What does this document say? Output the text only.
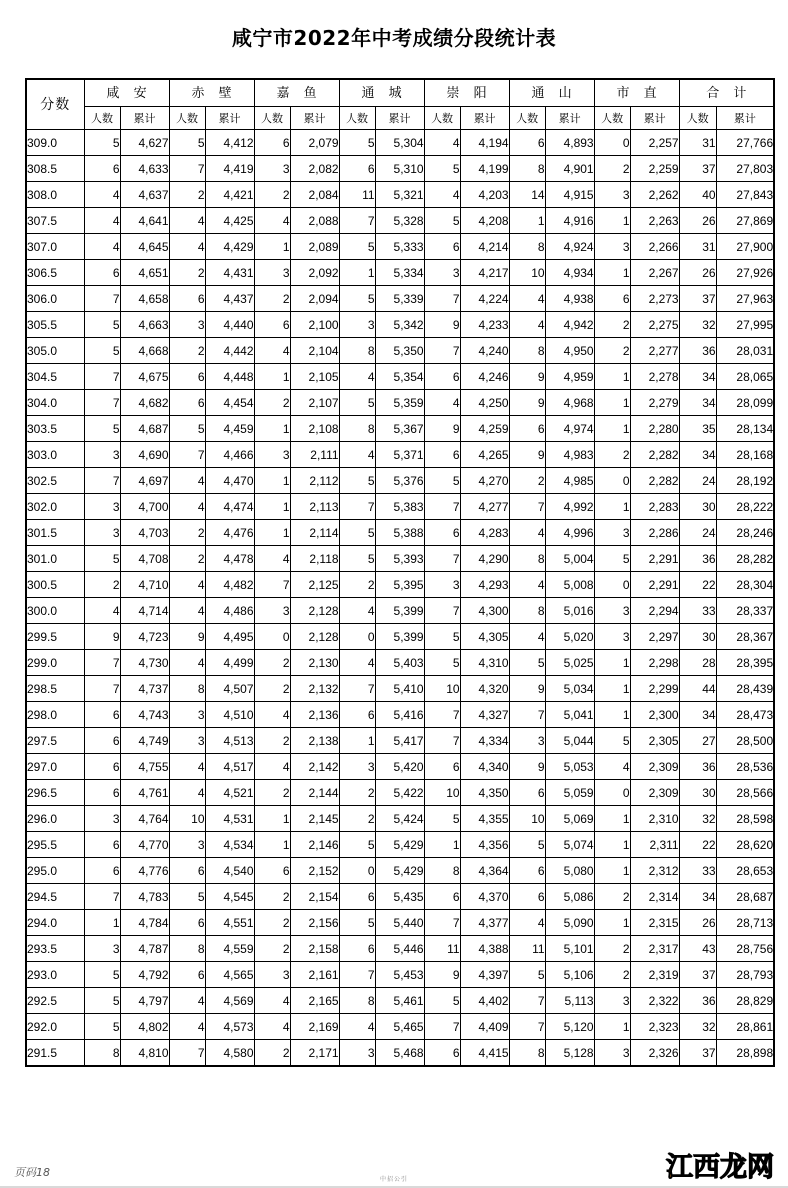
咸宁市2022年中考成绩分段统计表
分数	咸 安		赤 壁		嘉 鱼		通 城		崇 阳		通 山		市 直		合 计	
	人数	累计	人数	累计	人数	累计	人数	累计	人数	累计	人数	累计	人数	累计	人数	累计
309.0	5	4,627	5	4,412	6	2,079	5	5,304	4	4,194	6	4,893	0	2,257	31	27,766
308.5	6	4,633	7	4,419	3	2,082	6	5,310	5	4,199	8	4,901	2	2,259	37	27,803
308.0	4	4,637	2	4,421	2	2,084	11	5,321	4	4,203	14	4,915	3	2,262	40	27,843
307.5	4	4,641	4	4,425	4	2,088	7	5,328	5	4,208	1	4,916	1	2,263	26	27,869
307.0	4	4,645	4	4,429	1	2,089	5	5,333	6	4,214	8	4,924	3	2,266	31	27,900
306.5	6	4,651	2	4,431	3	2,092	1	5,334	3	4,217	10	4,934	1	2,267	26	27,926
306.0	7	4,658	6	4,437	2	2,094	5	5,339	7	4,224	4	4,938	6	2,273	37	27,963
305.5	5	4,663	3	4,440	6	2,100	3	5,342	9	4,233	4	4,942	2	2,275	32	27,995
305.0	5	4,668	2	4,442	4	2,104	8	5,350	7	4,240	8	4,950	2	2,277	36	28,031
304.5	7	4,675	6	4,448	1	2,105	4	5,354	6	4,246	9	4,959	1	2,278	34	28,065
304.0	7	4,682	6	4,454	2	2,107	5	5,359	4	4,250	9	4,968	1	2,279	34	28,099
303.5	5	4,687	5	4,459	1	2,108	8	5,367	9	4,259	6	4,974	1	2,280	35	28,134
303.0	3	4,690	7	4,466	3	2,111	4	5,371	6	4,265	9	4,983	2	2,282	34	28,168
302.5	7	4,697	4	4,470	1	2,112	5	5,376	5	4,270	2	4,985	0	2,282	24	28,192
302.0	3	4,700	4	4,474	1	2,113	7	5,383	7	4,277	7	4,992	1	2,283	30	28,222
301.5	3	4,703	2	4,476	1	2,114	5	5,388	6	4,283	4	4,996	3	2,286	24	28,246
301.0	5	4,708	2	4,478	4	2,118	5	5,393	7	4,290	8	5,004	5	2,291	36	28,282
300.5	2	4,710	4	4,482	7	2,125	2	5,395	3	4,293	4	5,008	0	2,291	22	28,304
300.0	4	4,714	4	4,486	3	2,128	4	5,399	7	4,300	8	5,016	3	2,294	33	28,337
299.5	9	4,723	9	4,495	0	2,128	0	5,399	5	4,305	4	5,020	3	2,297	30	28,367
299.0	7	4,730	4	4,499	2	2,130	4	5,403	5	4,310	5	5,025	1	2,298	28	28,395
298.5	7	4,737	8	4,507	2	2,132	7	5,410	10	4,320	9	5,034	1	2,299	44	28,439
298.0	6	4,743	3	4,510	4	2,136	6	5,416	7	4,327	7	5,041	1	2,300	34	28,473
297.5	6	4,749	3	4,513	2	2,138	1	5,417	7	4,334	3	5,044	5	2,305	27	28,500
297.0	6	4,755	4	4,517	4	2,142	3	5,420	6	4,340	9	5,053	4	2,309	36	28,536
296.5	6	4,761	4	4,521	2	2,144	2	5,422	10	4,350	6	5,059	0	2,309	30	28,566
296.0	3	4,764	10	4,531	1	2,145	2	5,424	5	4,355	10	5,069	1	2,310	32	28,598
295.5	6	4,770	3	4,534	1	2,146	5	5,429	1	4,356	5	5,074	1	2,311	22	28,620
295.0	6	4,776	6	4,540	6	2,152	0	5,429	8	4,364	6	5,080	1	2,312	33	28,653
294.5	7	4,783	5	4,545	2	2,154	6	5,435	6	4,370	6	5,086	2	2,314	34	28,687
294.0	1	4,784	6	4,551	2	2,156	5	5,440	7	4,377	4	5,090	1	2,315	26	28,713
293.5	3	4,787	8	4,559	2	2,158	6	5,446	11	4,388	11	5,101	2	2,317	43	28,756
293.0	5	4,792	6	4,565	3	2,161	7	5,453	9	4,397	5	5,106	2	2,319	37	28,793
292.5	5	4,797	4	4,569	4	2,165	8	5,461	5	4,402	7	5,113	3	2,322	36	28,829
292.0	5	4,802	4	4,573	4	2,169	4	5,465	7	4,409	7	5,120	1	2,323	32	28,861
291.5	8	4,810	7	4,580	2	2,171	3	5,468	6	4,415	8	5,128	3	2,326	37	28,898
页码18
中招公引	江西龙网
